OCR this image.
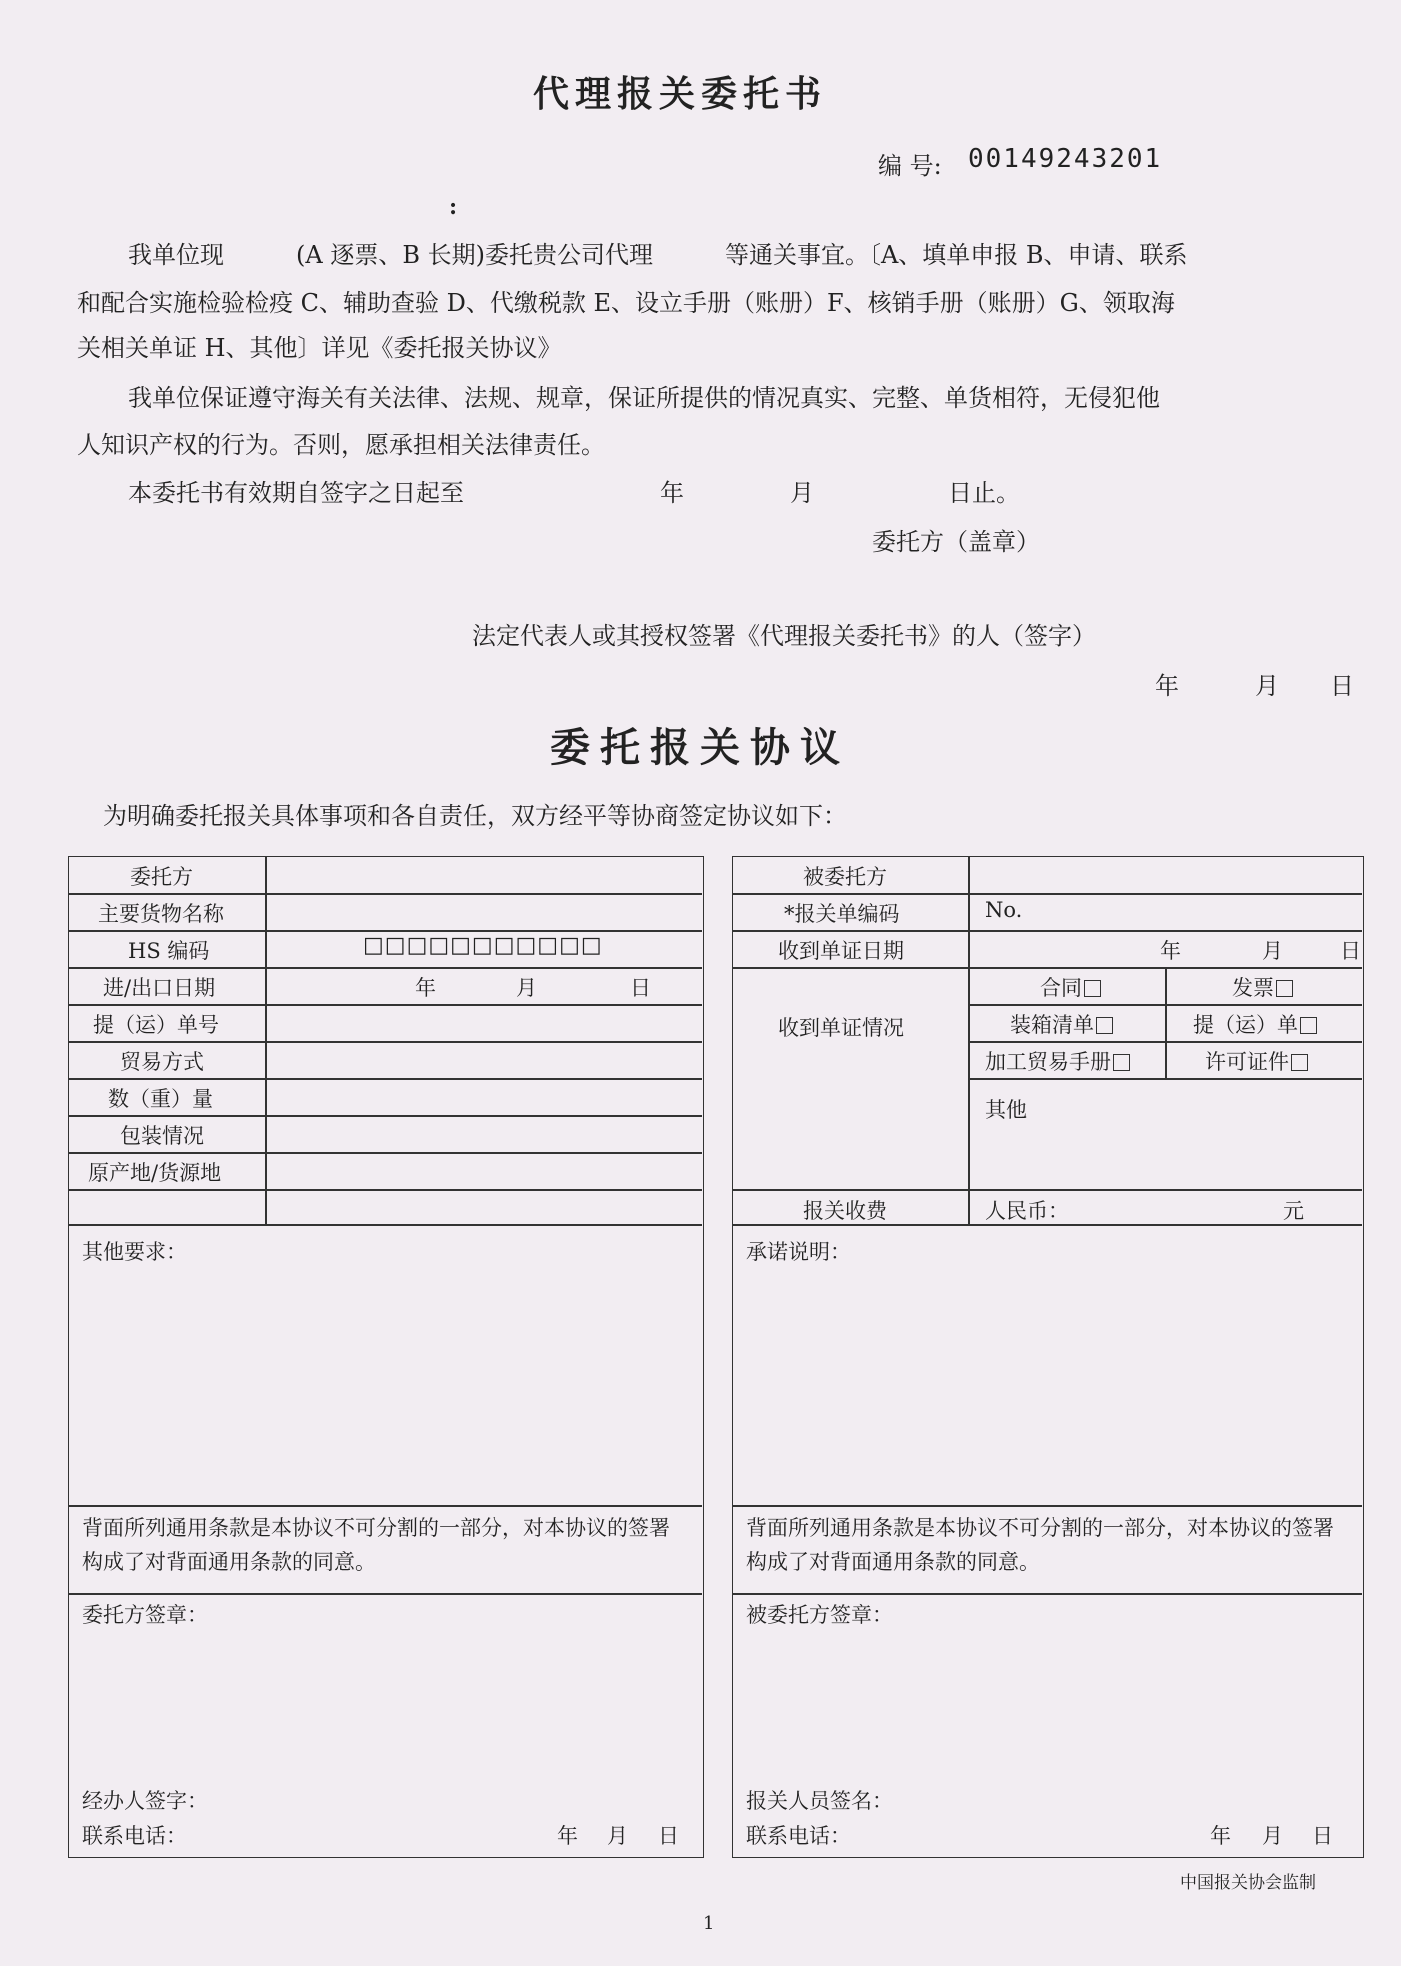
代理报关委托书
编 号: 00149243201
:
我单位现　　　(A 逐票、B 长期)委托贵公司代理　　　等通关事宜。〔A、填单申报 B、申请、联系
和配合实施检验检疫 C、辅助查验 D、代缴税款 E、设立手册（账册）F、核销手册（账册）G、领取海
关相关单证 H、其他〕详见《委托报关协议》
我单位保证遵守海关有关法律、法规、规章，保证所提供的情况真实、完整、单货相符，无侵犯他
人知识产权的行为。否则，愿承担相关法律责任。
本委托书有效期自签字之日起至	年	月	日止。
委托方（盖章）
法定代表人或其授权签署《代理报关委托书》的人（签字）
年	月 日
委托报关协议
为明确委托报关具体事项和各自责任，双方经平等协商签定协议如下：
委托方
主要货物名称
HS 编码	□□□□□□□□□□□
进/出口日期	年	月	日
提（运）单号
贸易方式
数（重）量
包装情况
原产地/货源地
其他要求：
背面所列通用条款是本协议不可分割的一部分，对本协议的签署构成了对背面通用条款的同意。
委托方签章：
经办人签字：
联系电话：	年 月 日
被委托方
*报关单编码	No.
收到单证日期	年	月	日
收到单证情况
合同	发票
装箱清单	提（运）单
加工贸易手册	许可证件
其他
报关收费	人民币：	元
承诺说明：
背面所列通用条款是本协议不可分割的一部分，对本协议的签署构成了对背面通用条款的同意。
被委托方签章：
报关人员签名：
联系电话：	年 月 日
中国报关协会监制
1
